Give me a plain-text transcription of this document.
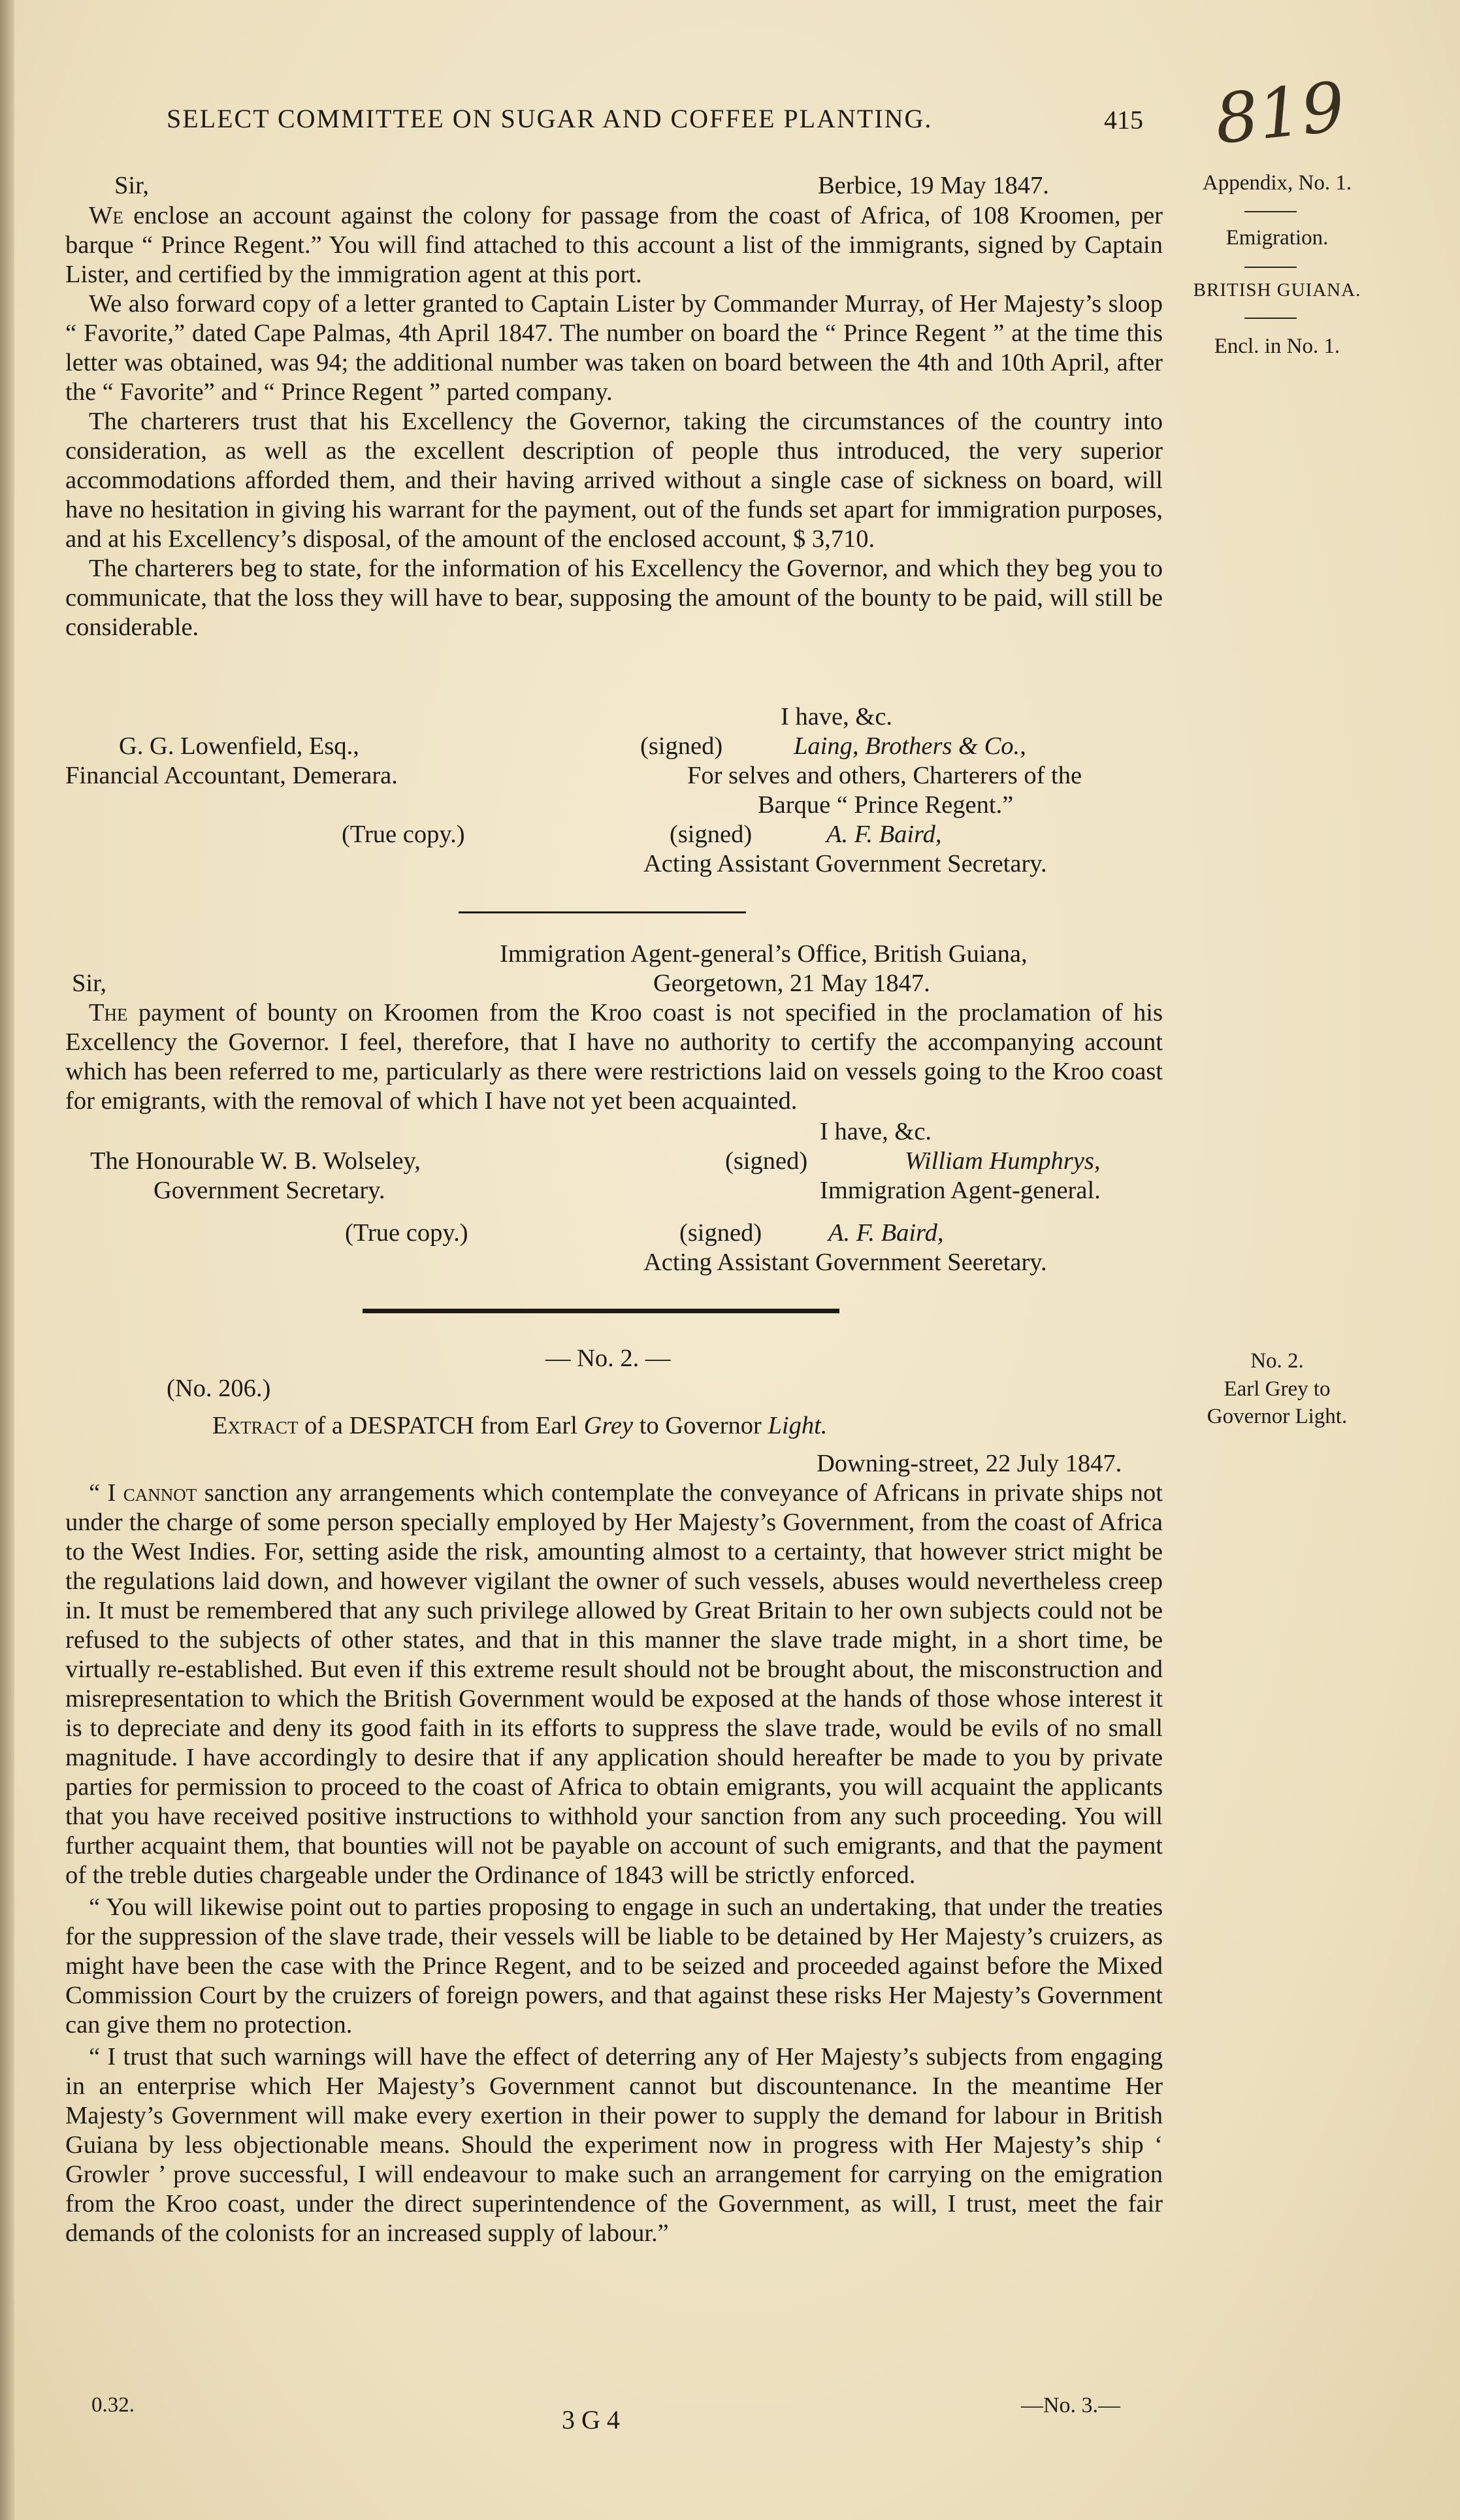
SELECT COMMITTEE ON SUGAR AND COFFEE PLANTING.	415 819
Appendix, No. 1.
Emigration.
BRITISH GUIANA.
Encl. in No. 1.
No. 2.
Earl Grey to
Governor Light.
Sir,	Berbice, 19 May 1847.

We enclose an account against the colony for passage from the coast of Africa, of 108 Kroomen, per barque “ Prince Regent.” You will find attached to this account a list of the immigrants, signed by Captain Lister, and certified by the immigration agent at this port.

We also forward copy of a letter granted to Captain Lister by Commander Murray, of Her Majesty’s sloop “ Favorite,” dated Cape Palmas, 4th April 1847. The number on board the “ Prince Regent ” at the time this letter was obtained, was 94; the additional number was taken on board between the 4th and 10th April, after the “ Favorite” and “ Prince Regent ” parted company.

The charterers trust that his Excellency the Governor, taking the circumstances of the country into consideration, as well as the excellent description of people thus introduced, the very superior accommodations afforded them, and their having arrived without a single case of sickness on board, will have no hesitation in giving his warrant for the payment, out of the funds set apart for immigration purposes, and at his Excellency’s disposal, of the amount of the enclosed account, $ 3,710.

The charterers beg to state, for the information of his Excellency the Governor, and which they beg you to communicate, that the loss they will have to bear, supposing the amount of the bounty to be paid, will still be considerable.

I have, &c.
G. G. Lowenfield, Esq.,	(signed)	Laing, Brothers & Co.,
Financial Accountant, Demerara.	For selves and others, Charterers of the
Barque “ Prince Regent.”
(True copy.)	(signed)	A. F. Baird,
Acting Assistant Government Secretary.
Immigration Agent-general’s Office, British Guiana,
Sir,	Georgetown, 21 May 1847.

The payment of bounty on Kroomen from the Kroo coast is not specified in the proclamation of his Excellency the Governor. I feel, therefore, that I have no authority to certify the accompanying account which has been referred to me, particularly as there were restrictions laid on vessels going to the Kroo coast for emigrants, with the removal of which I have not yet been acquainted.

I have, &c.
The Honourable W. B. Wolseley,	(signed)	William Humphrys,
Government Secretary.	Immigration Agent-general.
(True copy.)	(signed)	A. F. Baird,
Acting Assistant Government Seeretary.
— No. 2. —
(No. 206.)
Extract of a DESPATCH from Earl Grey to Governor Light.
Downing-street, 22 July 1847.

“ I cannot sanction any arrangements which contemplate the conveyance of Africans in private ships not under the charge of some person specially employed by Her Majesty’s Government, from the coast of Africa to the West Indies. For, setting aside the risk, amounting almost to a certainty, that however strict might be the regulations laid down, and however vigilant the owner of such vessels, abuses would nevertheless creep in. It must be remembered that any such privilege allowed by Great Britain to her own subjects could not be refused to the subjects of other states, and that in this manner the slave trade might, in a short time, be virtually re-established. But even if this extreme result should not be brought about, the misconstruction and misrepresentation to which the British Government would be exposed at the hands of those whose interest it is to depreciate and deny its good faith in its efforts to suppress the slave trade, would be evils of no small magnitude. I have accordingly to desire that if any application should hereafter be made to you by private parties for permission to proceed to the coast of Africa to obtain emigrants, you will acquaint the applicants that you have received positive instructions to withhold your sanction from any such proceeding. You will further acquaint them, that bounties will not be payable on account of such emigrants, and that the payment of the treble duties chargeable under the Ordinance of 1843 will be strictly enforced.

“ You will likewise point out to parties proposing to engage in such an undertaking, that under the treaties for the suppression of the slave trade, their vessels will be liable to be detained by Her Majesty’s cruizers, as might have been the case with the Prince Regent, and to be seized and proceeded against before the Mixed Commission Court by the cruizers of foreign powers, and that against these risks Her Majesty’s Government can give them no protection.

“ I trust that such warnings will have the effect of deterring any of Her Majesty’s subjects from engaging in an enterprise which Her Majesty’s Government cannot but discountenance. In the meantime Her Majesty’s Government will make every exertion in their power to supply the demand for labour in British Guiana by less objectionable means. Should the experiment now in progress with Her Majesty’s ship ‘ Growler ’ prove successful, I will endeavour to make such an arrangement for carrying on the emigration from the Kroo coast, under the direct superintendence of the Government, as will, I trust, meet the fair demands of the colonists for an increased supply of labour.”

0.32.	3 G 4	—No. 3.—
